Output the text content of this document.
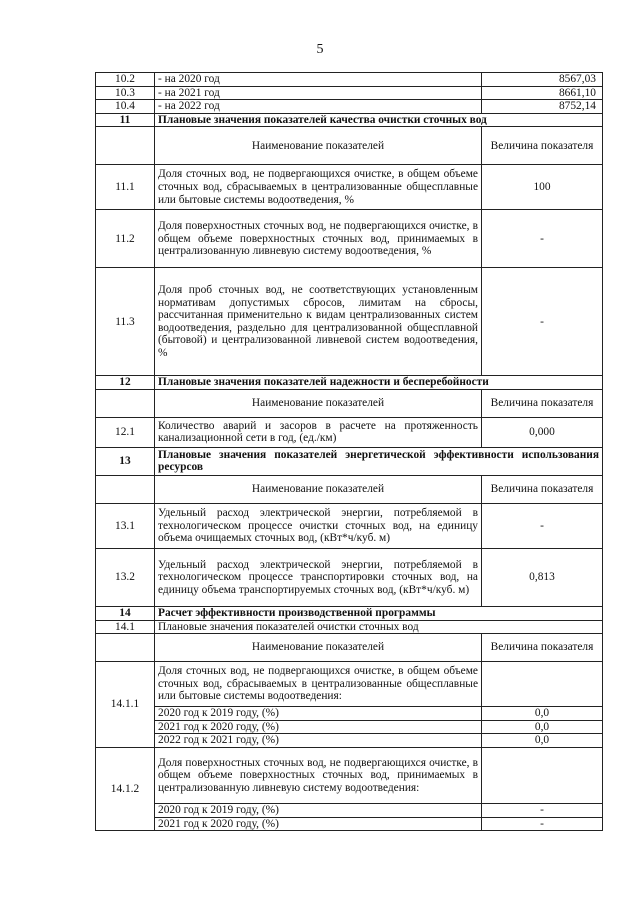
5
10.2	- на 2020 год	8567,03
10.3	- на 2021 год	8661,10
10.4	- на 2022 год	8752,14
11	Плановые значения показателей качества очистки сточных вод	
	Наименование показателей	Величина показателя
11.1	Доля сточных вод, не подвергающихся очистке, в общем объеме сточных вод, сбрасываемых в централизованные общесплавные или бытовые системы водоотведения, %	100
11.2	Доля поверхностных сточных вод, не подвергающихся очистке, в общем объеме поверхностных сточных вод, принимаемых в централизованную ливневую систему водоотведения, %	-
11.3	Доля проб сточных вод, не соответствующих установленным нормативам допустимых сбросов, лимитам на сбросы, рассчитанная применительно к видам централизованных систем водоотведения, раздельно для централизованной общесплавной (бытовой) и централизованной ливневой систем водоотведения, %	-
12	Плановые значения показателей надежности и бесперебойности	
	Наименование показателей	Величина показателя
12.1	Количество аварий и засоров в расчете на протяженность канализационной сети в год, (ед./км)	0,000
13	Плановые значения показателей энергетической эффективности использования ресурсов	
	Наименование показателей	Величина показателя
13.1	Удельный расход электрической энергии, потребляемой в технологическом процессе очистки сточных вод, на единицу объема очищаемых сточных вод, (кВт*ч/куб. м)	-
13.2	Удельный расход электрической энергии, потребляемой в технологическом процессе транспортировки сточных вод, на единицу объема транспортируемых сточных вод, (кВт*ч/куб. м)	0,813
14	Расчет эффективности производственной программы	
14.1	Плановые значения показателей очистки сточных вод	
	Наименование показателей	Величина показателя
14.1.1	Доля сточных вод, не подвергающихся очистке, в общем объеме сточных вод, сбрасываемых в централизованные общесплавные или бытовые системы водоотведения:	
	2020 год к 2019 году, (%)	0,0
	2021 год к 2020 году, (%)	0,0
	2022 год к 2021 году, (%)	0,0
14.1.2	Доля поверхностных сточных вод, не подвергающихся очистке, в общем объеме поверхностных сточных вод, принимаемых в централизованную ливневую систему водоотведения:	
	2020 год к 2019 году, (%)	-
	2021 год к 2020 году, (%)	-
